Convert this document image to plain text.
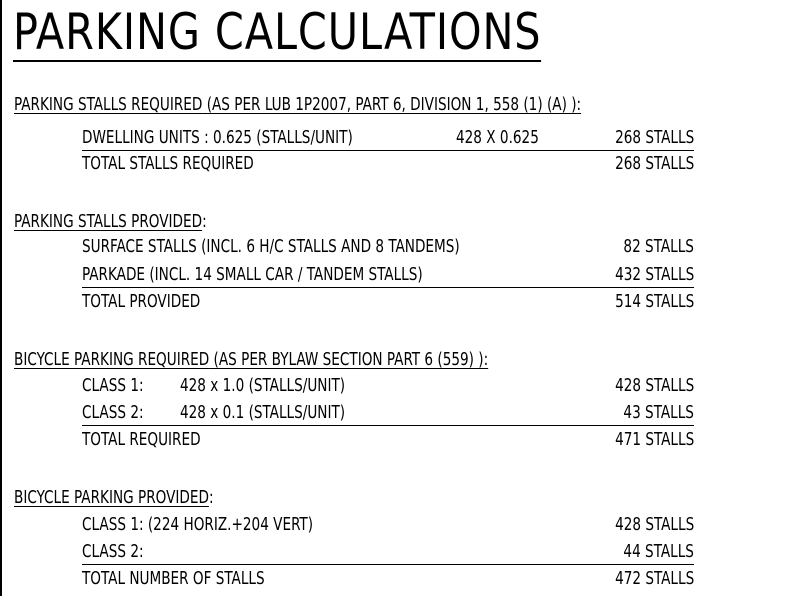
PARKING CALCULATIONS
PARKING STALLS REQUIRED (AS PER LUB 1P2007, PART 6, DIVISION 1, 558 (1) (A) ):
DWELLING UNITS : 0.625 (STALLS/UNIT)	428 X 0.625	268 STALLS
TOTAL STALLS REQUIRED	268 STALLS
PARKING STALLS PROVIDED:
SURFACE STALLS (INCL. 6 H/C STALLS AND 8 TANDEMS)	82 STALLS
PARKADE (INCL. 14 SMALL CAR / TANDEM STALLS)	432 STALLS
TOTAL PROVIDED	514 STALLS
BICYCLE PARKING REQUIRED (AS PER BYLAW SECTION PART 6 (559) ):
CLASS 1: 428 x 1.0 (STALLS/UNIT)	428 STALLS
CLASS 2: 428 x 0.1 (STALLS/UNIT)	43 STALLS
TOTAL REQUIRED	471 STALLS
BICYCLE PARKING PROVIDED:
CLASS 1: (224 HORIZ.+204 VERT)	428 STALLS
CLASS 2:	44 STALLS
TOTAL NUMBER OF STALLS	472 STALLS
